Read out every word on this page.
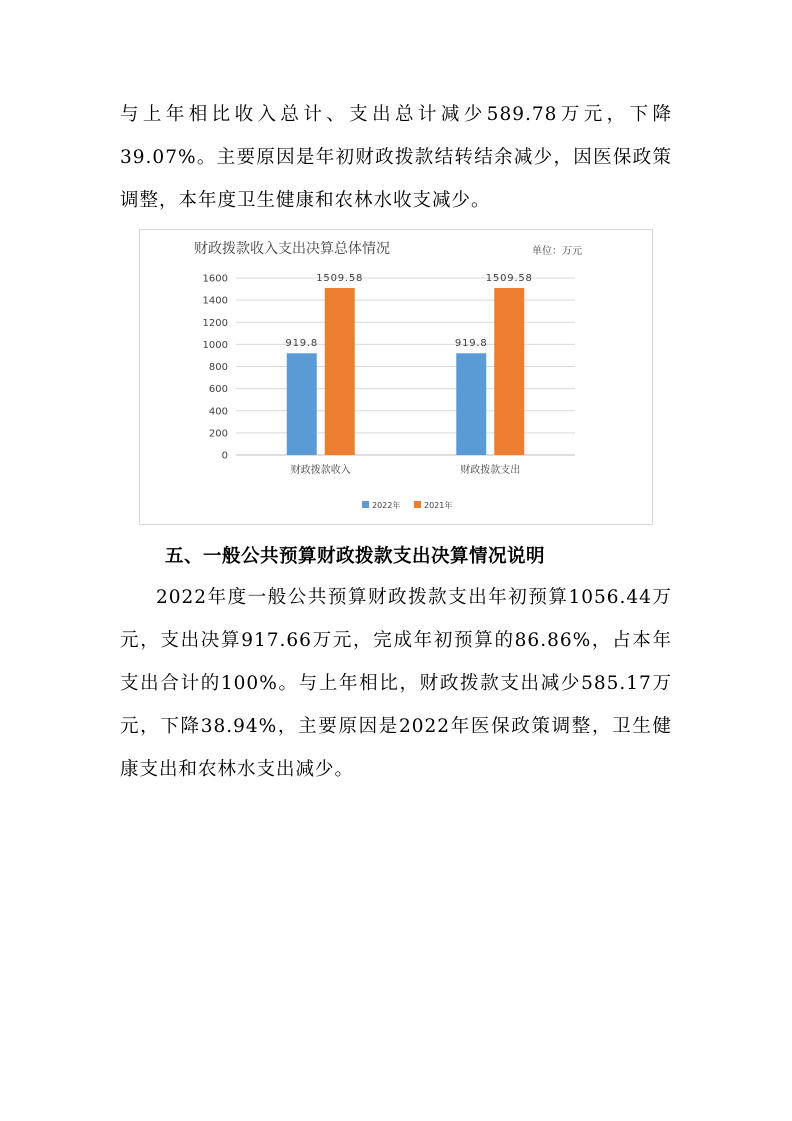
与上年相比收入总计、支出总计减少589.78万元，下降39.07%。主要原因是年初财政拨款结转结余减少，因医保政策调整，本年度卫生健康和农林水收支减少。

财政拨款收入支出决算总体情况	单位：万元
0
200
400
600
800
1000
1200
1400
1600
919.8
1509.58
财政拨款收入
919.8
1509.58
财政拨款支出
2022年	2021年
五、一般公共预算财政拨款支出决算情况说明

2022年度一般公共预算财政拨款支出年初预算1056.44万元，支出决算917.66万元，完成年初预算的86.86%，占本年支出合计的100%。与上年相比，财政拨款支出减少585.17万元，下降38.94%，主要原因是2022年医保政策调整，卫生健康支出和农林水支出减少。
